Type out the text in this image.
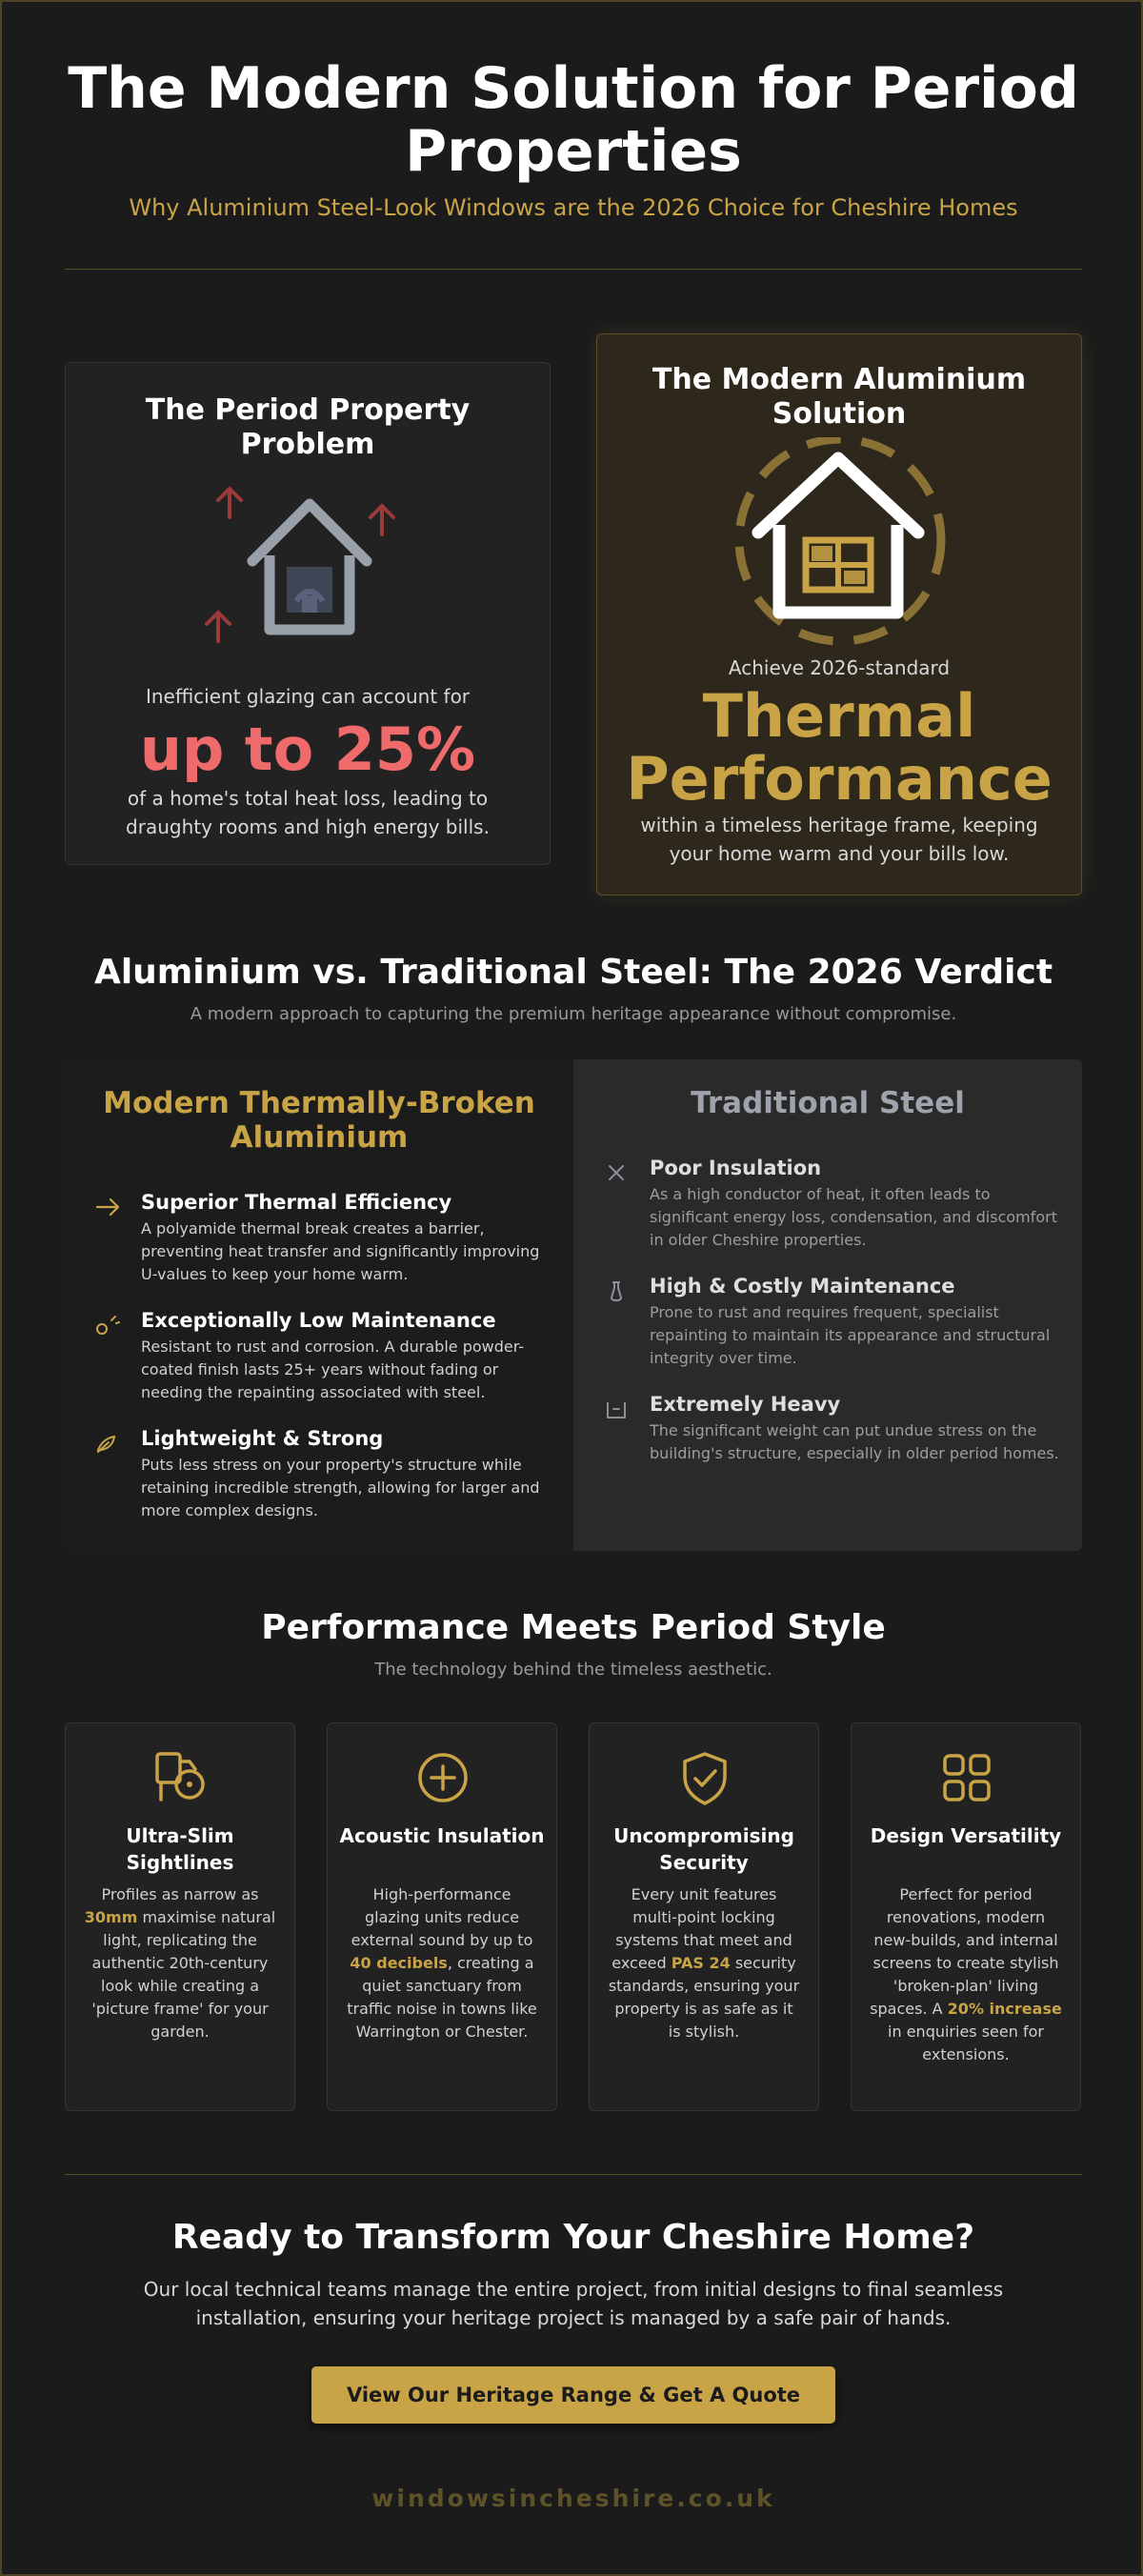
The Modern Solution for Period Properties
Why Aluminium Steel-Look Windows are the 2026 Choice for Cheshire Homes
The Period Property Problem
Inefficient glazing can account for
up to 25%
of a home's total heat loss, leading to draughty rooms and high energy bills.
The Modern Aluminium Solution
Achieve 2026-standard
Thermal Performance
within a timeless heritage frame, keeping your home warm and your bills low.
Aluminium vs. Traditional Steel: The 2026 Verdict
A modern approach to capturing the premium heritage appearance without compromise.
Modern Thermally-Broken Aluminium
Superior Thermal Efficiency
A polyamide thermal break creates a barrier, preventing heat transfer and significantly improving U-values to keep your home warm.
Exceptionally Low Maintenance
Resistant to rust and corrosion. A durable powder-coated finish lasts 25+ years without fading or needing the repainting associated with steel.
Lightweight & Strong
Puts less stress on your property's structure while retaining incredible strength, allowing for larger and more complex designs.
Traditional Steel
Poor Insulation
As a high conductor of heat, it often leads to significant energy loss, condensation, and discomfort in older Cheshire properties.
High & Costly Maintenance
Prone to rust and requires frequent, specialist repainting to maintain its appearance and structural integrity over time.
Extremely Heavy
The significant weight can put undue stress on the building's structure, especially in older period homes.
Performance Meets Period Style
The technology behind the timeless aesthetic.
Ultra-Slim Sightlines
Profiles as narrow as 30mm maximise natural light, replicating the authentic 20th-century look while creating a 'picture frame' for your garden.
Acoustic Insulation
High-performance glazing units reduce external sound by up to 40 decibels, creating a quiet sanctuary from traffic noise in towns like Warrington or Chester.
Uncompromising Security
Every unit features multi-point locking systems that meet and exceed PAS 24 security standards, ensuring your property is as safe as it is stylish.
Design Versatility
Perfect for period renovations, modern new-builds, and internal screens to create stylish 'broken-plan' living spaces. A 20% increase in enquiries seen for extensions.
Ready to Transform Your Cheshire Home?
Our local technical teams manage the entire project, from initial designs to final seamless installation, ensuring your heritage project is managed by a safe pair of hands.
View Our Heritage Range & Get A Quote
windowsincheshire.co.uk
